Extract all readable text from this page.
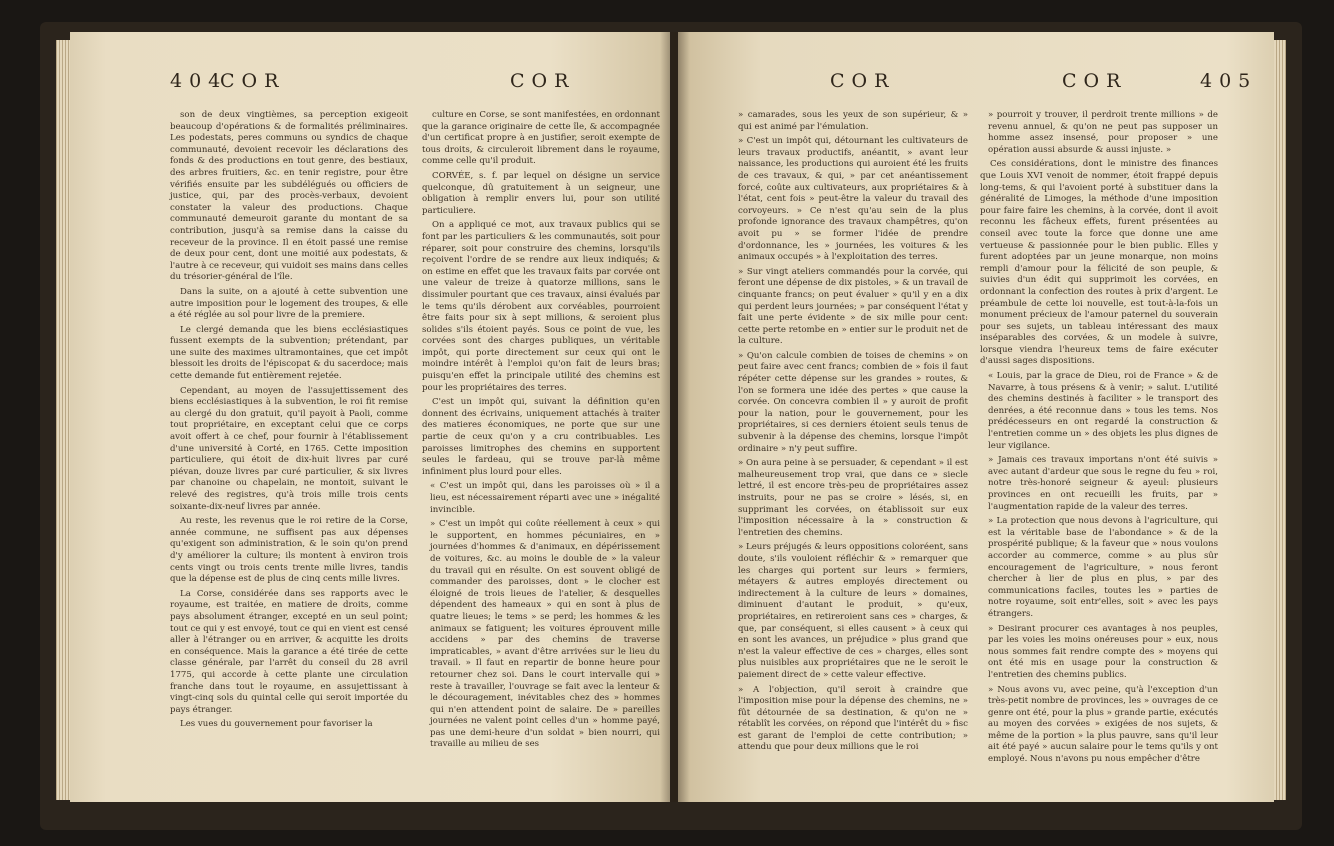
404
COR	COR

son de deux vingtièmes, sa perception exigeoit beaucoup d'opérations & de formalités préliminaires. Les podestats, peres communs ou syndics de chaque communauté, devoient recevoir les déclarations des fonds & des productions en tout genre, des bestiaux, des arbres fruitiers, &c. en tenir registre, pour être vérifiés ensuite par les subdélégués ou officiers de justice, qui, par des procès-verbaux, devoient constater la valeur des productions. Chaque communauté demeuroit garante du montant de sa contribution, jusqu'à sa remise dans la caisse du receveur de la province. Il en étoit passé une remise de deux pour cent, dont une moitié aux podestats, & l'autre à ce receveur, qui vuidoit ses mains dans celles du trésorier-général de l'île.

Dans la suite, on a ajouté à cette subvention une autre imposition pour le logement des troupes, & elle a été réglée au sol pour livre de la premiere.

Le clergé demanda que les biens ecclésiastiques fussent exempts de la subvention; prétendant, par une suite des maximes ultramontaines, que cet impôt blessoit les droits de l'épiscopat & du sacerdoce; mais cette demande fut entièrement rejetée.

Cependant, au moyen de l'assujettissement des biens ecclésiastiques à la subvention, le roi fit remise au clergé du don gratuit, qu'il payoit à Paoli, comme tout propriétaire, en exceptant celui que ce corps avoit offert à ce chef, pour fournir à l'établissement d'une université à Corté, en 1765. Cette imposition particuliere, qui étoit de dix-huit livres par curé piévan, douze livres par curé particulier, & six livres par chanoine ou chapelain, ne montoit, suivant le relevé des registres, qu'à trois mille trois cents soixante-dix-neuf livres par année.

Au reste, les revenus que le roi retire de la Corse, année commune, ne suffisent pas aux dépenses qu'exigent son administration, & le soin qu'on prend d'y améliorer la culture; ils montent à environ trois cents vingt ou trois cents trente mille livres, tandis que la dépense est de plus de cinq cents mille livres.

La Corse, considérée dans ses rapports avec le royaume, est traitée, en matiere de droits, comme pays absolument étranger, excepté en un seul point; tout ce qui y est envoyé, tout ce qui en vient est censé aller à l'étranger ou en arriver, & acquitte les droits en conséquence. Mais la garance a été tirée de cette classe générale, par l'arrêt du conseil du 28 avril 1775, qui accorde à cette plante une circulation franche dans tout le royaume, en assujettissant à vingt-cinq sols du quintal celle qui seroit importée du pays étranger.

Les vues du gouvernement pour favoriser la

culture en Corse, se sont manifestées, en ordonnant que la garance originaire de cette île, & accompagnée d'un certificat propre à en justifier, seroit exempte de tous droits, & circuleroit librement dans le royaume, comme celle qu'il produit.

CORVÉE, s. f. par lequel on désigne un service quelconque, dû gratuitement à un seigneur, une obligation à remplir envers lui, pour son utilité particuliere.

On a appliqué ce mot, aux travaux publics qui se font par les particuliers & les communautés, soit pour réparer, soit pour construire des chemins, lorsqu'ils reçoivent l'ordre de se rendre aux lieux indiqués; & on estime en effet que les travaux faits par corvée ont une valeur de treize à quatorze millions, sans le dissimuler pourtant que ces travaux, ainsi évalués par le tems qu'ils dérobent aux corvéables, pourroient être faits pour six à sept millions, & seroient plus solides s'ils étoient payés. Sous ce point de vue, les corvées sont des charges publiques, un véritable impôt, qui porte directement sur ceux qui ont le moindre intérêt à l'emploi qu'on fait de leurs bras; puisqu'en effet la principale utilité des chemins est pour les propriétaires des terres.

C'est un impôt qui, suivant la définition qu'en donnent des écrivains, uniquement attachés à traiter des matieres économiques, ne porte que sur une partie de ceux qu'on y a cru contribuables. Les paroisses limitrophes des chemins en supportent seules le fardeau, qui se trouve par-là même infiniment plus lourd pour elles.

« C'est un impôt qui, dans les paroisses où » il a lieu, est nécessairement réparti avec une » inégalité invincible.

» C'est un impôt qui coûte réellement à ceux » qui le supportent, en hommes pécuniaires, en » journées d'hommes & d'animaux, en dépérissement de voitures, &c. au moins le double de » la valeur du travail qui en résulte. On est souvent obligé de commander des paroisses, dont » le clocher est éloigné de trois lieues de l'atelier, & desquelles dépendent des hameaux » qui en sont à plus de quatre lieues; le tems » se perd; les hommes & les animaux se fatiguent; les voitures éprouvent mille accidens » par des chemins de traverse impraticables, » avant d'être arrivées sur le lieu du travail. » Il faut en repartir de bonne heure pour retourner chez soi. Dans le court intervalle qui » reste à travailler, l'ouvrage se fait avec la lenteur & le découragement, inévitables chez des » hommes qui n'en attendent point de salaire. De » pareilles journées ne valent point celles d'un » homme payé, pas une demi-heure d'un soldat » bien nourri, qui travaille au milieu de ses

COR	COR	405

» camarades, sous les yeux de son supérieur, & » qui est animé par l'émulation.

» C'est un impôt qui, détournant les cultivateurs de leurs travaux productifs, anéantit, » avant leur naissance, les productions qui auroient été les fruits de ces travaux, & qui, » par cet anéantissement forcé, coûte aux cultivateurs, aux propriétaires & à l'état, cent fois » peut-être la valeur du travail des corvoyeurs. » Ce n'est qu'au sein de la plus profonde ignorance des travaux champêtres, qu'on avoit pu » se former l'idée de prendre d'ordonnance, les » journées, les voitures & les animaux occupés » à l'exploitation des terres.

» Sur vingt ateliers commandés pour la corvée, qui feront une dépense de dix pistoles, » & un travail de cinquante francs; on peut évaluer » qu'il y en a dix qui perdent leurs journées; » par conséquent l'état y fait une perte évidente » de six mille pour cent: cette perte retombe en » entier sur le produit net de la culture.

» Qu'on calcule combien de toises de chemins » on peut faire avec cent francs; combien de » fois il faut répéter cette dépense sur les grandes » routes, & l'on se formera une idée des pertes » que cause la corvée. On concevra combien il » y auroit de profit pour la nation, pour le gouvernement, pour les propriétaires, si ces derniers étoient seuls tenus de subvenir à la dépense des chemins, lorsque l'impôt ordinaire » n'y peut suffire.

» On aura peine à se persuader, & cependant » il est malheureusement trop vrai, que dans ce » siecle lettré, il est encore très-peu de propriétaires assez instruits, pour ne pas se croire » lésés, si, en supprimant les corvées, on établissoit sur eux l'imposition nécessaire à la » construction & l'entretien des chemins.

» Leurs préjugés & leurs oppositions coloréent, sans doute, s'ils vouloient réfléchir & » remarquer que les charges qui portent sur leurs » fermiers, métayers & autres employés directement ou indirectement à la culture de leurs » domaines, diminuent d'autant le produit, » qu'eux, propriétaires, en retireroient sans ces » charges, & que, par conséquent, si elles causent » à ceux qui en sont les avances, un préjudice » plus grand que n'est la valeur effective de ces » charges, elles sont plus nuisibles aux propriétaires que ne le seroit le paiement direct de » cette valeur effective.

» A l'objection, qu'il seroit à craindre que l'imposition mise pour la dépense des chemins, ne » fût détournée de sa destination, & qu'on ne » rétablît les corvées, on répond que l'intérêt du » fisc est garant de l'emploi de cette contribution; » attendu que pour deux millions que le roi

» pourroit y trouver, il perdroit trente millions » de revenu annuel, & qu'on ne peut pas supposer un homme assez insensé, pour proposer » une opération aussi absurde & aussi injuste. »

Ces considérations, dont le ministre des finances que Louis XVI venoit de nommer, étoit frappé depuis long-tems, & qui l'avoient porté à substituer dans la généralité de Limoges, la méthode d'une imposition pour faire faire les chemins, à la corvée, dont il avoit reconnu les fâcheux effets, furent présentées au conseil avec toute la force que donne une ame vertueuse & passionnée pour le bien public. Elles y furent adoptées par un jeune monarque, non moins rempli d'amour pour la félicité de son peuple, & suivies d'un édit qui supprimoit les corvées, en ordonnant la confection des routes à prix d'argent. Le préambule de cette loi nouvelle, est tout-à-la-fois un monument précieux de l'amour paternel du souverain pour ses sujets, un tableau intéressant des maux inséparables des corvées, & un modele à suivre, lorsque viendra l'heureux tems de faire exécuter d'aussi sages dispositions.

« Louis, par la grace de Dieu, roi de France » & de Navarre, à tous présens & à venir; » salut. L'utilité des chemins destinés à faciliter » le transport des denrées, a été reconnue dans » tous les tems. Nos prédécesseurs en ont regardé la construction & l'entretien comme un » des objets les plus dignes de leur vigilance.

» Jamais ces travaux importans n'ont été suivis » avec autant d'ardeur que sous le regne du feu » roi, notre très-honoré seigneur & ayeul: plusieurs provinces en ont recueilli les fruits, par » l'augmentation rapide de la valeur des terres.

» La protection que nous devons à l'agriculture, qui est la véritable base de l'abondance » & de la prospérité publique; & la faveur que » nous voulons accorder au commerce, comme » au plus sûr encouragement de l'agriculture, » nous feront chercher à lier de plus en plus, » par des communications faciles, toutes les » parties de notre royaume, soit entr'elles, soit » avec les pays étrangers.

» Desirant procurer ces avantages à nos peuples, par les voies les moins onéreuses pour » eux, nous nous sommes fait rendre compte des » moyens qui ont été mis en usage pour la construction & l'entretien des chemins publics.

» Nous avons vu, avec peine, qu'à l'exception d'un très-petit nombre de provinces, les » ouvrages de ce genre ont été, pour la plus » grande partie, exécutés au moyen des corvées » exigées de nos sujets, & même de la portion » la plus pauvre, sans qu'il leur ait été payé » aucun salaire pour le tems qu'ils y ont employé. Nous n'avons pu nous empêcher d'être
